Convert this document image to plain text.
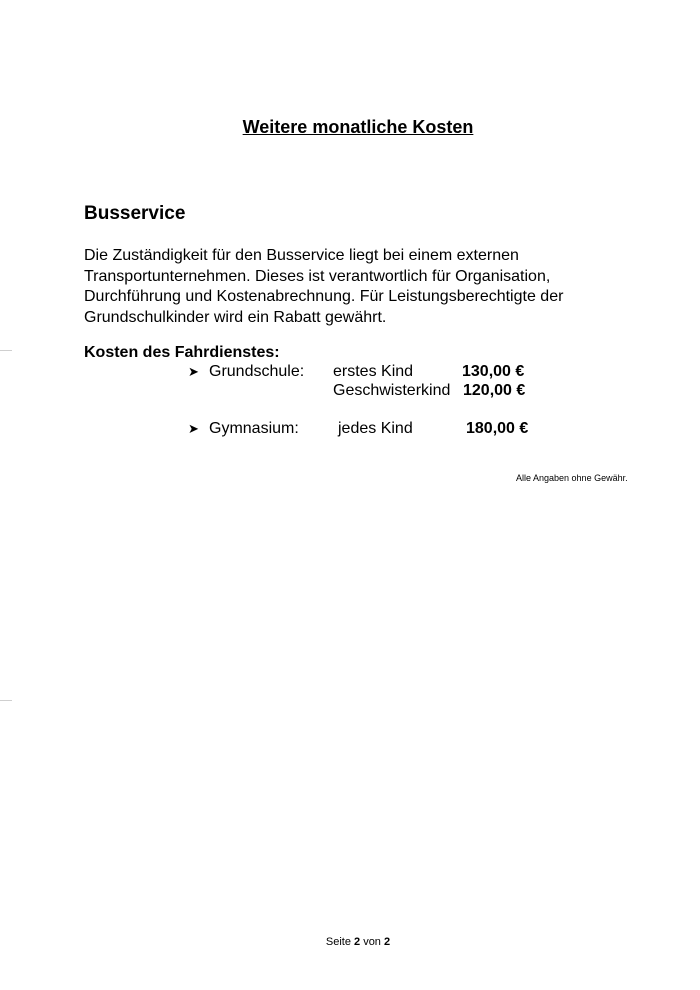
Weitere monatliche Kosten
Busservice

Die Zuständigkeit für den Busservice liegt bei einem externen

Transportunternehmen. Dieses ist verantwortlich für Organisation,

Durchführung und Kostenabrechnung. Für Leistungsberechtigte der

Grundschulkinder wird ein Rabatt gewährt.

Kosten des Fahrdienstes:
➤ Grundschule: erstes Kind	130,00 €
Geschwisterkind 120,00 €
➤ Gymnasium: jedes Kind	180,00 €
Alle Angaben ohne Gewähr.
Seite 2 von 2
